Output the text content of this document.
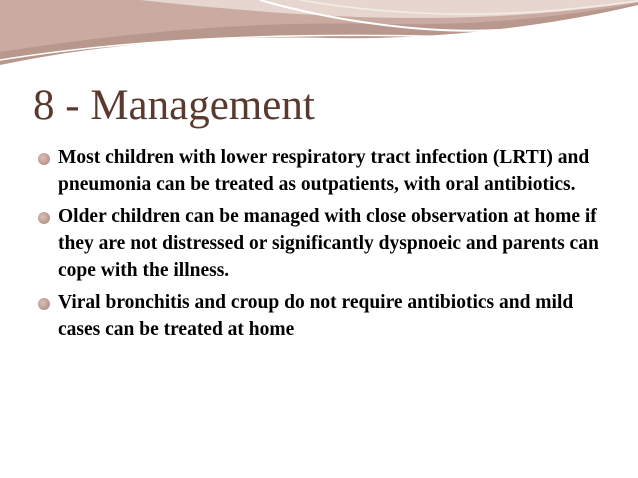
8 - Management
Most children with lower respiratory tract infection (LRTI) and pneumonia can be treated as outpatients, with oral antibiotics.
Older children can be managed with close observation at home if they are not distressed or significantly dyspnoeic and parents can cope with the illness.
Viral bronchitis and croup do not require antibiotics and mild cases can be treated at home
